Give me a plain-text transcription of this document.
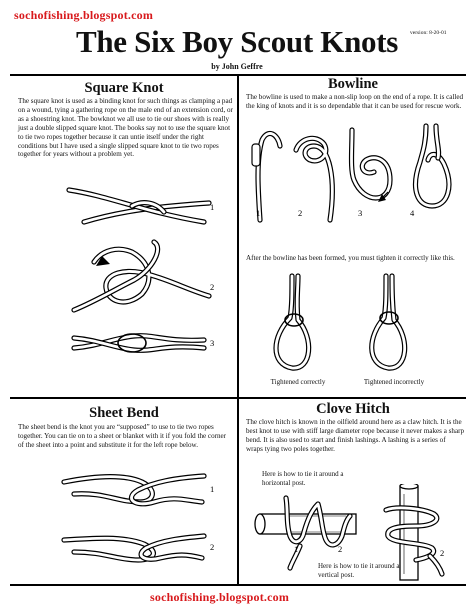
sochofishing.blogspot.com
The Six Boy Scout Knots	version: 8-20-01
by John Geffre
Square Knot
The square knot is used as a binding knot for such things as clamping a pad on a wound, tying a gathering rope on the male end of an extension cord, or as a shoestring knot. The bowknot we all use to tie our shoes with is really just a double slipped square knot. The books say not to use the square knot to tie two ropes together because it can untie itself under the right conditions but I have used a single slipped square knot to tie two ropes together for years without a problem yet.
1
2
3
Bowline
The bowline is used to make a non-slip loop on the end of a rope. It is called the king of knots and it is so dependable that it can be used for rescue work.
1	2	3	4
After the bowline has been formed, you must tighten it correctly like this.
Tightened correctly	Tightened incorrectly
Sheet Bend
The sheet bend is the knot you are “supposed” to use to tie two ropes together. You can tie on to a sheet or blanket with it if you fold the corner of the sheet into a point and substitute it for the left rope below.
1
2
Clove Hitch
The clove hitch is known in the oilfield around here as a claw hitch. It is the best knot to use with stiff large diameter rope because it never makes a sharp bend. It is also used to start and finish lashings. A lashing is a series of wraps tying two poles together.
Here is how to tie it around a horizontal post.
1	2	2
Here is how to tie it around a vertical post.
sochofishing.blogspot.com
